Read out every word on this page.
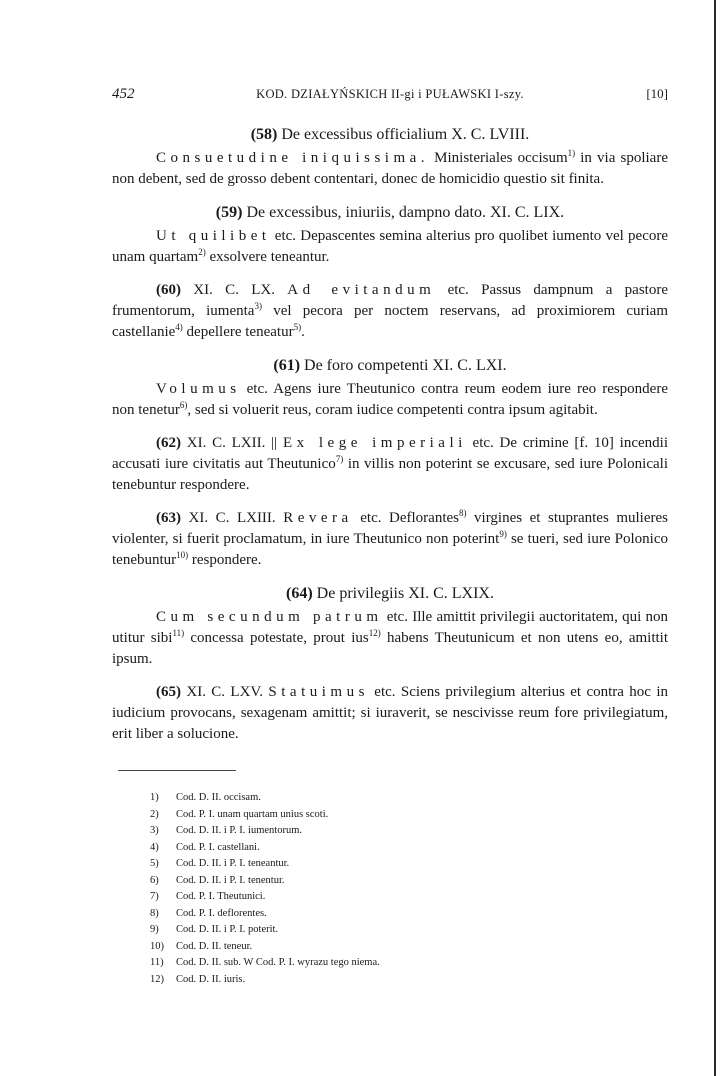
452	KOD. DZIAŁYŃSKICH II-gi i PUŁAWSKI I-szy.	[10]
(58) De excessibus officialium X. C. LVIII.

Consuetudine iniquissima. Ministeriales occisum$^{1)}$ in via spoliare non debent, sed de grosso debent contentari, donec de homicidio questio sit finita.

(59) De excessibus, iniuriis, dampno dato. XI. C. LIX.

Ut quilibet etc. Depascentes semina alterius pro quolibet iumento vel pecore unam quartam$^{2)}$ exsolvere teneantur.

(60) XI. C. LX. Ad evitandum etc. Passus dampnum a pastore frumentorum, iumenta$^{3)}$ vel pecora per noctem reservans, ad proximiorem curiam castellanie$^{4)}$ depellere teneatur$^{5)}$.

(61) De foro competenti XI. C. LXI.

Volumus etc. Agens iure Theutunico contra reum eodem iure reo respondere non tenetur$^{6)}$, sed si voluerit reus, coram iudice competenti contra ipsum agitabit.

(62) XI. C. LXII. || Ex lege imperiali etc. De crimine [f. 10] incendii accusati iure civitatis aut Theutunico$^{7)}$ in villis non poterint se excusare, sed iure Polonicali tenebuntur respondere.

(63) XI. C. LXIII. Revera etc. Deflorantes$^{8)}$ virgines et stuprantes mulieres violenter, si fuerit proclamatum, in iure Theutunico non poterint$^{9)}$ se tueri, sed iure Polonico tenebuntur$^{10)}$ respondere.

(64) De privilegiis XI. C. LXIX.

Cum secundum patrum etc. Ille amittit privilegii auctoritatem, qui non utitur sibi$^{11)}$ concessa potestate, prout ius$^{12)}$ habens Theutunicum et non utens eo, amittit ipsum.

(65) XI. C. LXV. Statuimus etc. Sciens privilegium alterius et contra hoc in iudicium provocans, sexagenam amittit; si iuraverit, se nescivisse reum fore privilegiatum, erit liber a solucione.

1) Cod. D. II. occisam.
2) Cod. P. I. unam quartam unius scoti.
3) Cod. D. II. i P. I. iumentorum.
4) Cod. P. I. castellani.
5) Cod. D. II. i P. I. teneantur.
6) Cod. D. II. i P. I. tenentur.
7) Cod. P. I. Theutunici.
8) Cod. P. I. deflorentes.
9) Cod. D. II. i P. I. poterit.
10) Cod. D. II. teneur.
11) Cod. D. II. sub. W Cod. P. I. wyrazu tego niema.
12) Cod. D. II. iuris.
